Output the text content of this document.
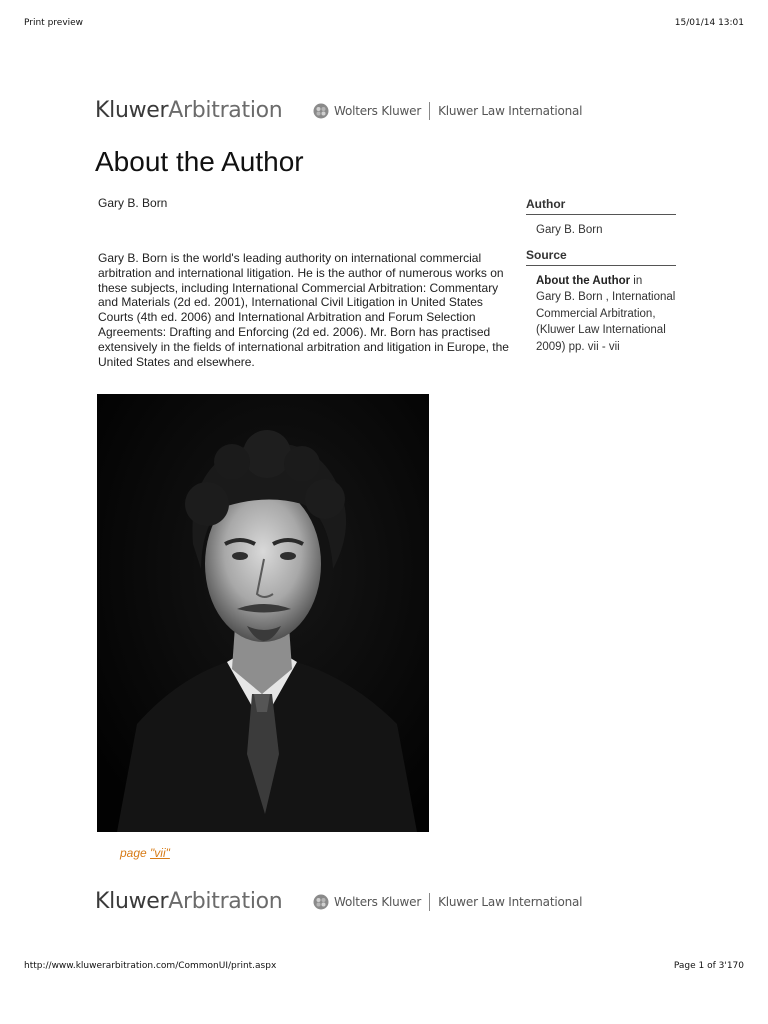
Print preview	15/01/14 13:01
KluwerArbitration	Wolters Kluwer Kluwer Law International
About the Author
Gary B. Born

Gary B. Born is the world's leading authority on international commercial arbitration and international litigation. He is the author of numerous works on these subjects, including International Commercial Arbitration: Commentary and Materials (2d ed. 2001), International Civil Litigation in United States Courts (4th ed. 2006) and International Arbitration and Forum Selection Agreements: Drafting and Enforcing (2d ed. 2006). Mr. Born has practised extensively in the fields of international arbitration and litigation in Europe, the United States and elsewhere.

page "vii"
Author
Gary B. Born
Source
About the Author in
Gary B. Born , International Commercial Arbitration, (Kluwer Law International 2009) pp. vii - vii
KluwerArbitration	Wolters Kluwer Kluwer Law International
http://www.kluwerarbitration.com/CommonUI/print.aspx	Page 1 of 3'170
